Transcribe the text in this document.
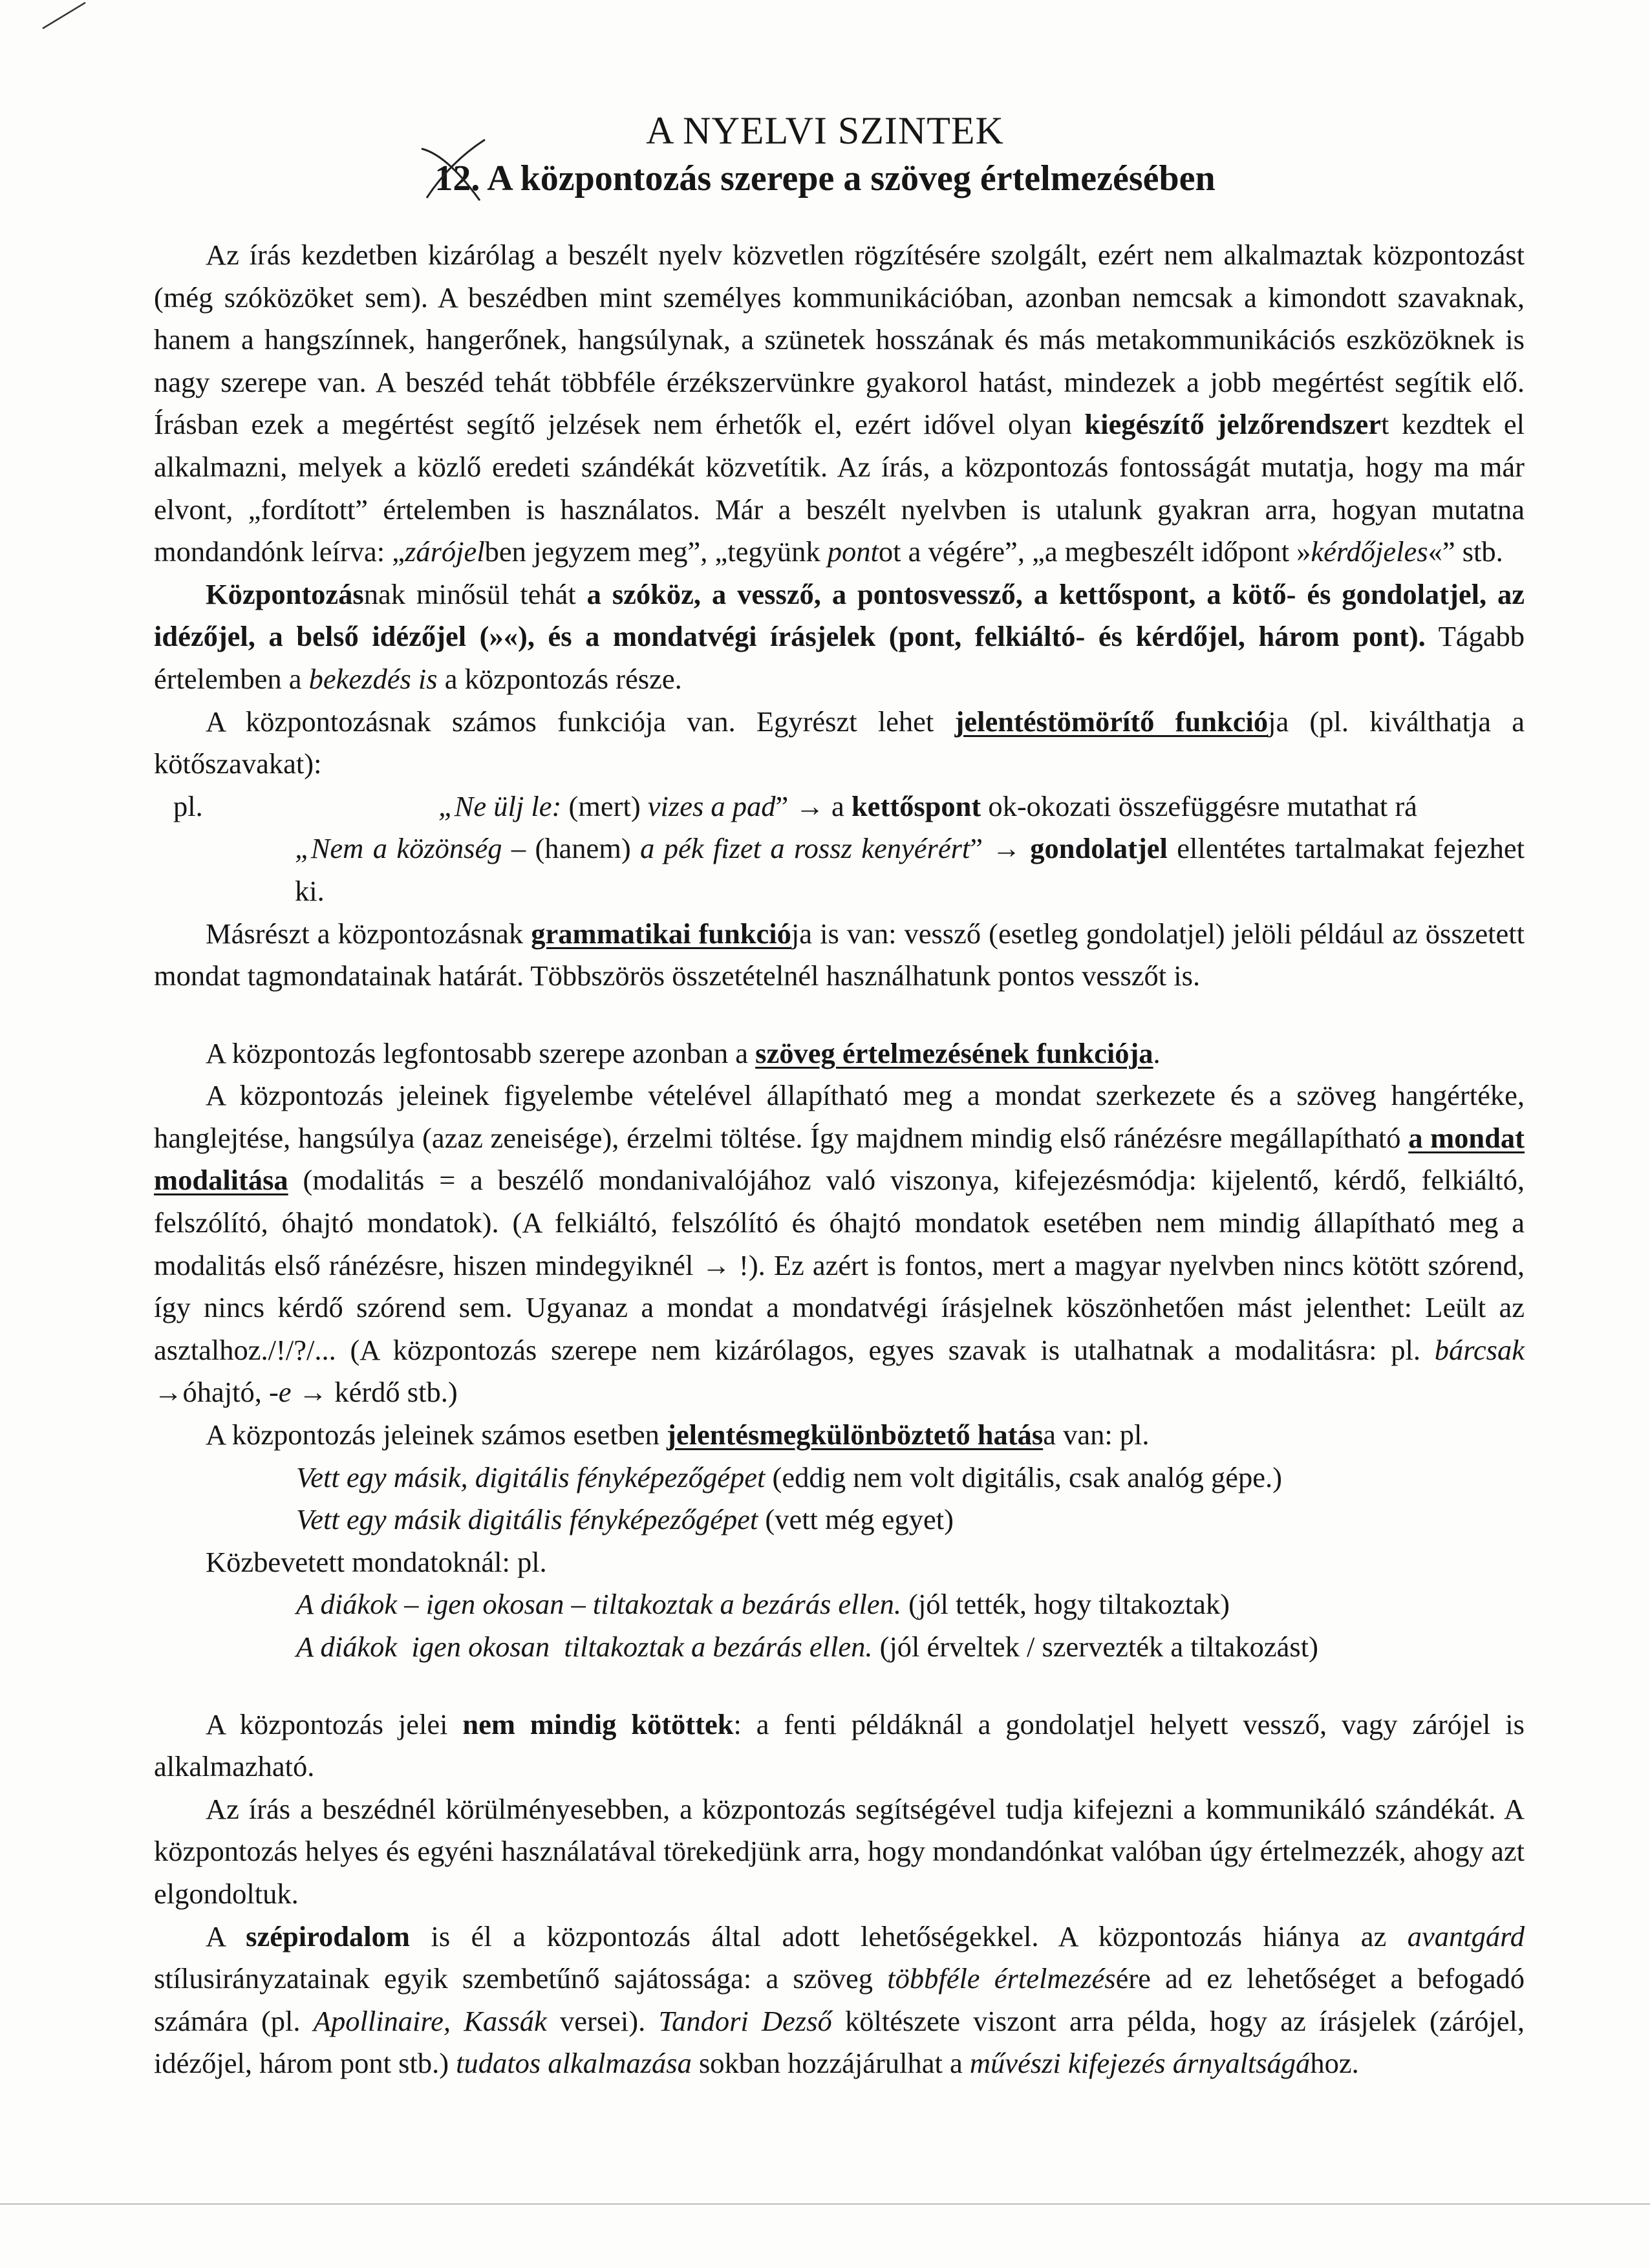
A NYELVI SZINTEK
12. A központozás szerepe a szöveg értelmezésében

Az írás kezdetben kizárólag a beszélt nyelv közvetlen rögzítésére szolgált, ezért nem alkalmaztak központozást (még szóközöket sem). A beszédben mint személyes kommunikációban, azonban nemcsak a kimondott szavaknak, hanem a hangszínnek, hangerőnek, hangsúlynak, a szünetek hosszának és más metakommunikációs eszközöknek is nagy szerepe van. A beszéd tehát többféle érzékszervünkre gyakorol hatást, mindezek a jobb megértést segítik elő. Írásban ezek a megértést segítő jelzések nem érhetők el, ezért idővel olyan kiegészítő jelzőrendszert kezdtek el alkalmazni, melyek a közlő eredeti szándékát közvetítik. Az írás, a központozás fontosságát mutatja, hogy ma már elvont, „fordított” értelemben is használatos. Már a beszélt nyelvben is utalunk gyakran arra, hogyan mutatna mondandónk leírva: „zárójelben jegyzem meg”, „tegyünk pontot a végére”, „a megbeszélt időpont »kérdőjeles«” stb.

Központozásnak minősül tehát a szóköz, a vessző, a pontosvessző, a kettőspont, a kötő- és gondolatjel, az idézőjel, a belső idézőjel (»«), és a mondatvégi írásjelek (pont, felkiáltó- és kérdőjel, három pont). Tágabb értelemben a bekezdés is a központozás része.

A központozásnak számos funkciója van. Egyrészt lehet jelentéstömörítő funkciója (pl. kiválthatja a kötőszavakat):

pl.	„Ne ülj le: (mert) vizes a pad” → a kettőspont ok-okozati összefüggésre mutathat rá

„Nem a közönség – (hanem) a pék fizet a rossz kenyérért” → gondolatjel ellentétes tartalmakat fejezhet ki.

Másrészt a központozásnak grammatikai funkciója is van: vessző (esetleg gondolatjel) jelöli például az összetett mondat tagmondatainak határát. Többszörös összetételnél használhatunk pontos vesszőt is.

A központozás legfontosabb szerepe azonban a szöveg értelmezésének funkciója.

A központozás jeleinek figyelembe vételével állapítható meg a mondat szerkezete és a szöveg hangértéke, hanglejtése, hangsúlya (azaz zeneisége), érzelmi töltése. Így majdnem mindig első ránézésre megállapítható a mondat modalitása (modalitás = a beszélő mondanivalójához való viszonya, kifejezésmódja: kijelentő, kérdő, felkiáltó, felszólító, óhajtó mondatok). (A felkiáltó, felszólító és óhajtó mondatok esetében nem mindig állapítható meg a modalitás első ránézésre, hiszen mindegyiknél → !). Ez azért is fontos, mert a magyar nyelvben nincs kötött szórend, így nincs kérdő szórend sem. Ugyanaz a mondat a mondatvégi írásjelnek köszönhetően mást jelenthet: Leült az asztalhoz./!/?/... (A központozás szerepe nem kizárólagos, egyes szavak is utalhatnak a modalitásra: pl. bárcsak →óhajtó, -e → kérdő stb.)

A központozás jeleinek számos esetben jelentésmegkülönböztető hatása van: pl.

Vett egy másik, digitális fényképezőgépet (eddig nem volt digitális, csak analóg gépe.)

Vett egy másik digitális fényképezőgépet (vett még egyet)

Közbevetett mondatoknál: pl.

A diákok – igen okosan – tiltakoztak a bezárás ellen. (jól tették, hogy tiltakoztak)

A diákok  igen okosan  tiltakoztak a bezárás ellen. (jól érveltek / szervezték a tiltakozást)

A központozás jelei nem mindig kötöttek: a fenti példáknál a gondolatjel helyett vessző, vagy zárójel is alkalmazható.

Az írás a beszédnél körülményesebben, a központozás segítségével tudja kifejezni a kommunikáló szándékát. A központozás helyes és egyéni használatával törekedjünk arra, hogy mondandónkat valóban úgy értelmezzék, ahogy azt elgondoltuk.

A szépirodalom is él a központozás által adott lehetőségekkel. A központozás hiánya az avantgárd stílusirányzatainak egyik szembetűnő sajátossága: a szöveg többféle értelmezésére ad ez lehetőséget a befogadó számára (pl. Apollinaire, Kassák versei). Tandori Dezső költészete viszont arra példa, hogy az írásjelek (zárójel, idézőjel, három pont stb.) tudatos alkalmazása sokban hozzájárulhat a művészi kifejezés árnyaltságához.
